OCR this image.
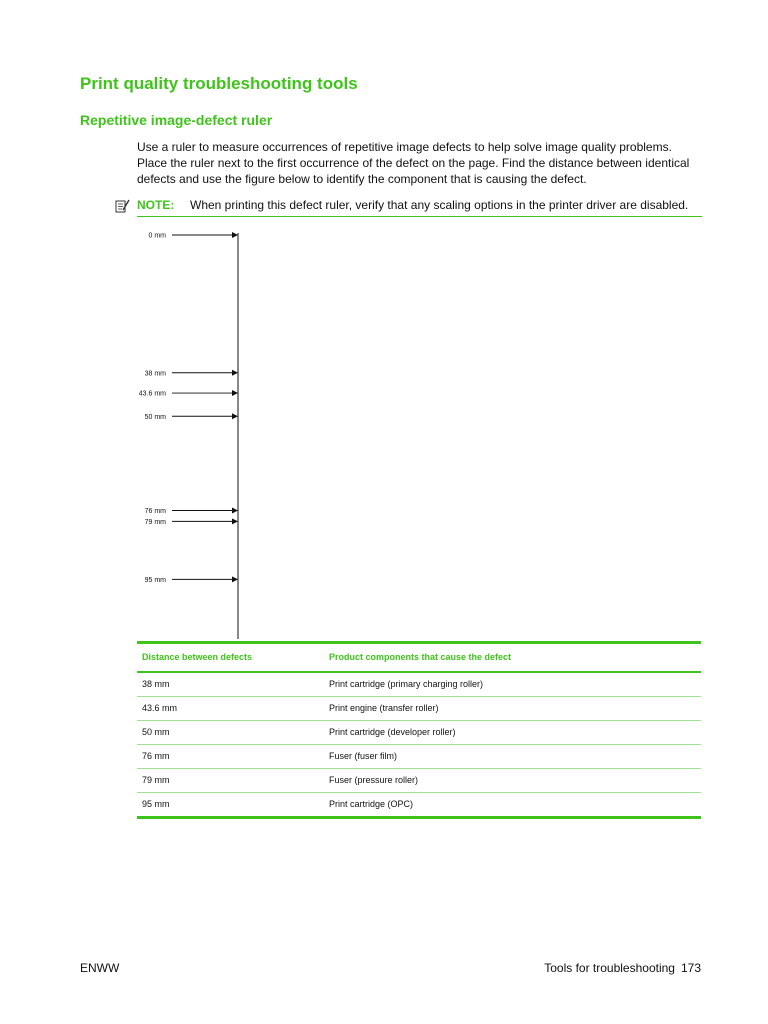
Print quality troubleshooting tools
Repetitive image-defect ruler
Use a ruler to measure occurrences of repetitive image defects to help solve image quality problems.
Place the ruler next to the first occurrence of the defect on the page. Find the distance between identical
defects and use the figure below to identify the component that is causing the defect.
NOTE: When printing this defect ruler, verify that any scaling options in the printer driver are disabled.
0 mm
38 mm
43.6 mm
50 mm
76 mm
79 mm
95 mm
Distance between defects	Product components that cause the defect
38 mm	Print cartridge (primary charging roller)
43.6 mm	Print engine (transfer roller)
50 mm	Print cartridge (developer roller)
76 mm	Fuser (fuser film)
79 mm	Fuser (pressure roller)
95 mm	Print cartridge (OPC)
ENWW	Tools for troubleshooting 173
